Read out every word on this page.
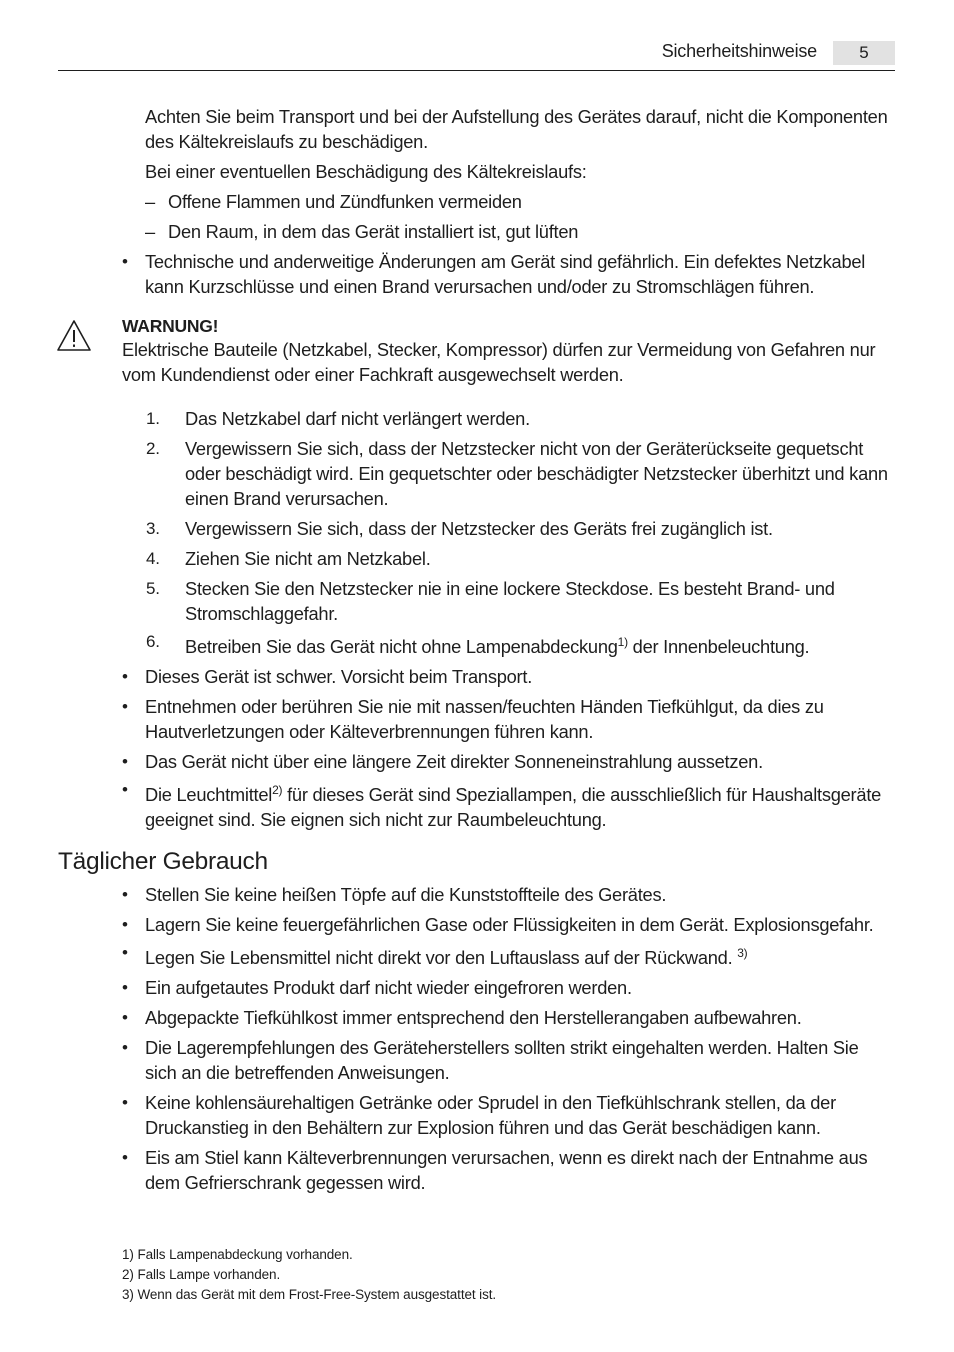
Sicherheitshinweise	5

Achten Sie beim Transport und bei der Aufstellung des Gerätes darauf, nicht die Komponenten des Kältekreislaufs zu beschädigen.

Bei einer eventuellen Beschädigung des Kältekreislaufs:

– Offene Flammen und Zündfunken vermeiden
– Den Raum, in dem das Gerät installiert ist, gut lüften
• Technische und anderweitige Änderungen am Gerät sind gefährlich. Ein defektes Netzkabel kann Kurzschlüsse und einen Brand verursachen und/oder zu Stromschlägen führen.
WARNUNG!
Elektrische Bauteile (Netzkabel, Stecker, Kompressor) dürfen zur Vermeidung von Gefahren nur vom Kundendienst oder einer Fachkraft ausgewechselt werden.
1. Das Netzkabel darf nicht verlängert werden.
2. Vergewissern Sie sich, dass der Netzstecker nicht von der Geräterückseite gequetscht oder beschädigt wird. Ein gequetschter oder beschädigter Netzstecker überhitzt und kann einen Brand verursachen.
3. Vergewissern Sie sich, dass der Netzstecker des Geräts frei zugänglich ist.
4. Ziehen Sie nicht am Netzkabel.
5. Stecken Sie den Netzstecker nie in eine lockere Steckdose. Es besteht Brand- und Stromschlaggefahr.
6. Betreiben Sie das Gerät nicht ohne Lampenabdeckung$^{1)}$ der Innenbeleuchtung.
• Dieses Gerät ist schwer. Vorsicht beim Transport.
• Entnehmen oder berühren Sie nie mit nassen/feuchten Händen Tiefkühlgut, da dies zu Hautverletzungen oder Kälteverbrennungen führen kann.
• Das Gerät nicht über eine längere Zeit direkter Sonneneinstrahlung aussetzen.
• Die Leuchtmittel$^{2)}$ für dieses Gerät sind Speziallampen, die ausschließlich für Haushaltsgeräte geeignet sind. Sie eignen sich nicht zur Raumbeleuchtung.
Täglicher Gebrauch
• Stellen Sie keine heißen Töpfe auf die Kunststoffteile des Gerätes.
• Lagern Sie keine feuergefährlichen Gase oder Flüssigkeiten in dem Gerät. Explosionsgefahr.
• Legen Sie Lebensmittel nicht direkt vor den Luftauslass auf der Rückwand. $^{3)}$
• Ein aufgetautes Produkt darf nicht wieder eingefroren werden.
• Abgepackte Tiefkühlkost immer entsprechend den Herstellerangaben aufbewahren.
• Die Lagerempfehlungen des Geräteherstellers sollten strikt eingehalten werden. Halten Sie sich an die betreffenden Anweisungen.
• Keine kohlensäurehaltigen Getränke oder Sprudel in den Tiefkühlschrank stellen, da der Druckanstieg in den Behältern zur Explosion führen und das Gerät beschädigen kann.
• Eis am Stiel kann Kälteverbrennungen verursachen, wenn es direkt nach der Entnahme aus dem Gefrierschrank gegessen wird.
1) Falls Lampenabdeckung vorhanden.
2) Falls Lampe vorhanden.
3) Wenn das Gerät mit dem Frost-Free-System ausgestattet ist.
